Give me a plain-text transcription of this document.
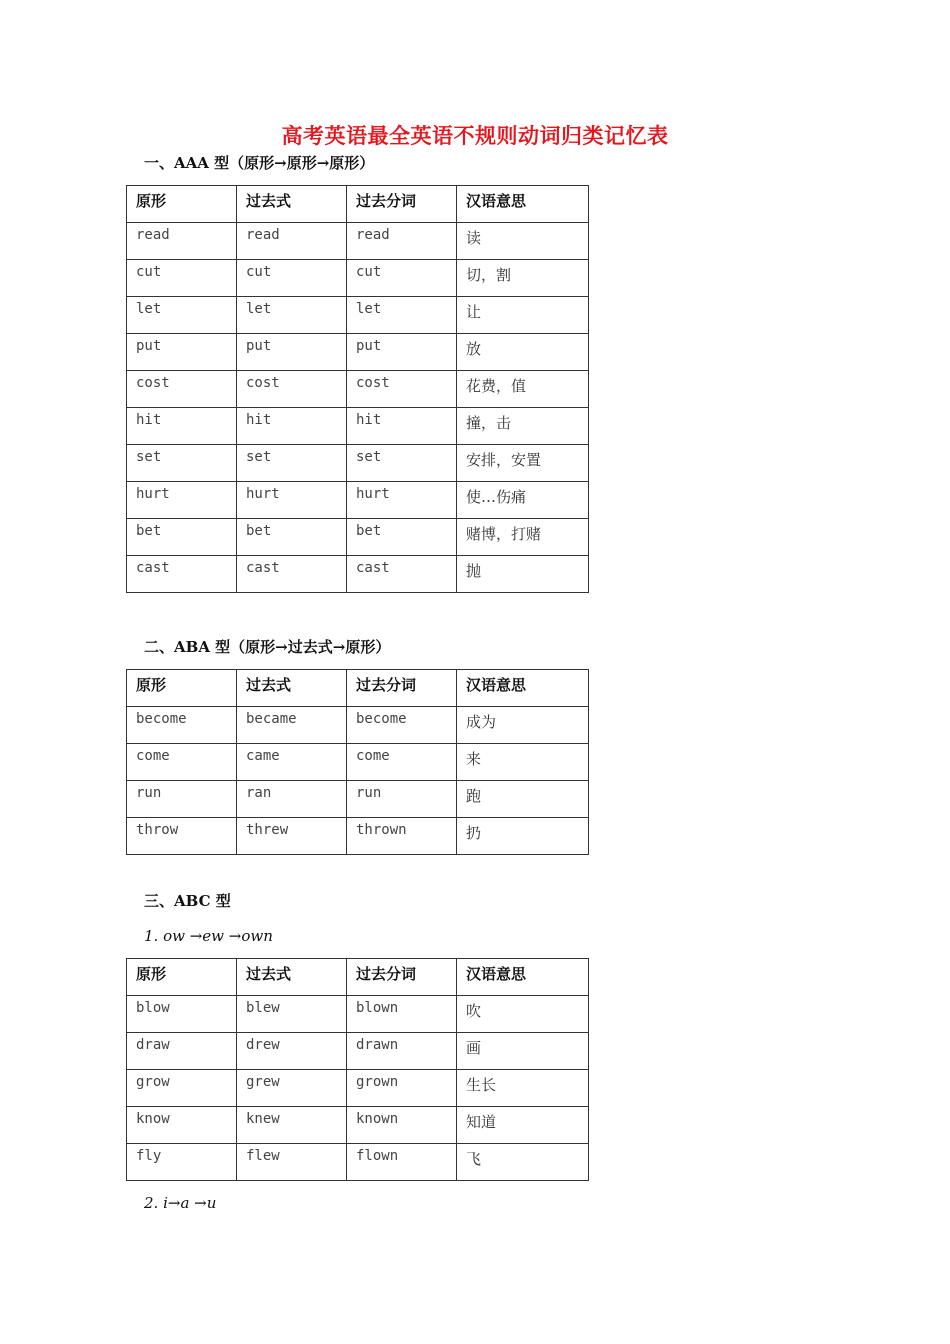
高考英语最全英语不规则动词归类记忆表
一、AAA 型（原形→原形→原形）
原形	过去式	过去分词	汉语意思
read	read	read	读
cut	cut	cut	切，割
let	let	let	让
put	put	put	放
cost	cost	cost	花费，值
hit	hit	hit	撞，击
set	set	set	安排，安置
hurt	hurt	hurt	使…伤痛
bet	bet	bet	赌博，打赌
cast	cast	cast	抛
二、ABA 型（原形→过去式→原形）
原形	过去式	过去分词	汉语意思
become	became	become	成为
come	came	come	来
run	ran	run	跑
throw	threw	thrown	扔
三、ABC 型
1. ow →ew →own
原形	过去式	过去分词	汉语意思
blow	blew	blown	吹
draw	drew	drawn	画
grow	grew	grown	生长
know	knew	known	知道
fly	flew	flown	飞
2. i→a →u
